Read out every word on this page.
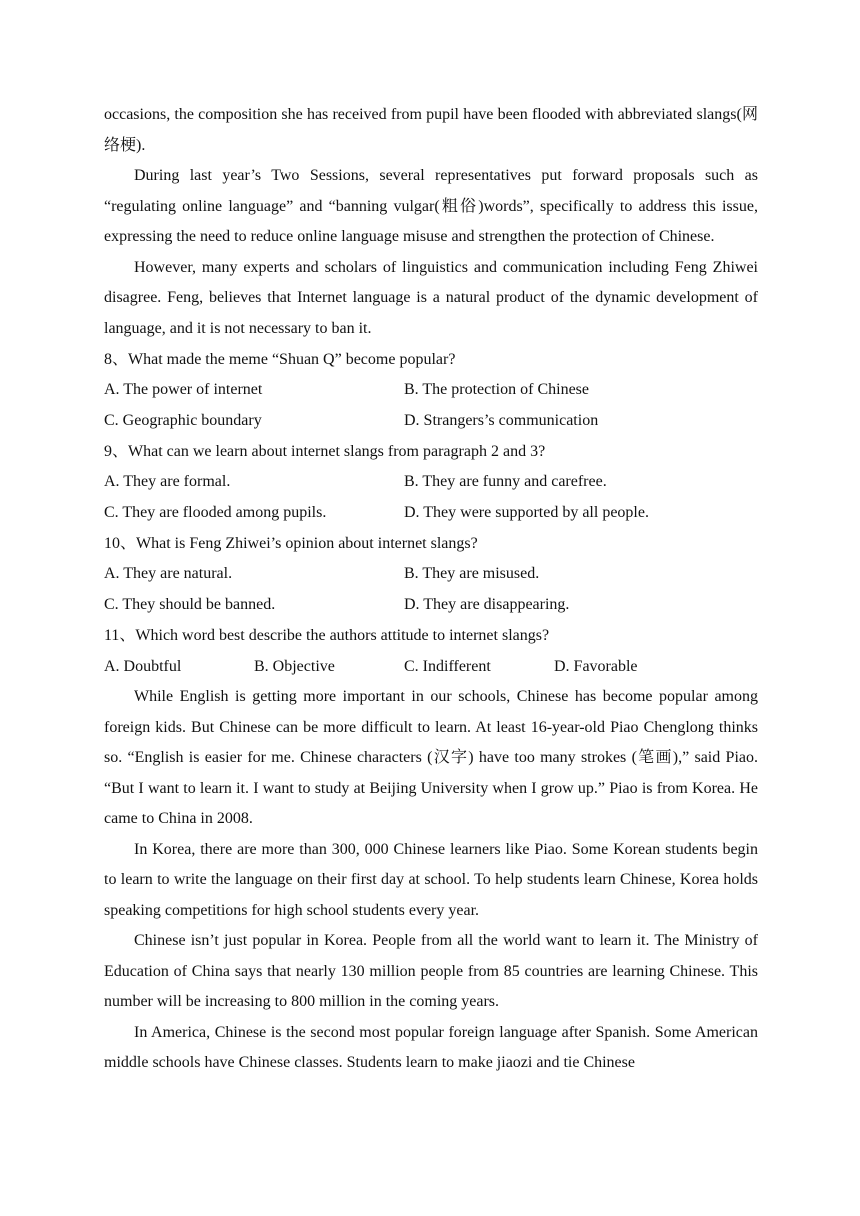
occasions, the composition she has received from pupil have been flooded with abbreviated slangs(网络梗).

During last year’s Two Sessions, several representatives put forward proposals such as “regulating online language” and “banning vulgar(粗俗)words”, specifically to address this issue, expressing the need to reduce online language misuse and strengthen the protection of Chinese.

However, many experts and scholars of linguistics and communication including Feng Zhiwei disagree. Feng, believes that Internet language is a natural product of the dynamic development of language, and it is not necessary to ban it.

8、What made the meme “Shuan Q” become popular?

A. The power of internet	B. The protection of Chinese
C. Geographic boundary	D. Strangers’s communication

9、What can we learn about internet slangs from paragraph 2 and 3?

A. They are formal.	B. They are funny and carefree.
C. They are flooded among pupils.	D. They were supported by all people.

10、What is Feng Zhiwei’s opinion about internet slangs?

A. They are natural.	B. They are misused.
C. They should be banned.	D. They are disappearing.

11、Which word best describe the authors attitude to internet slangs?

A. Doubtful	B. Objective	C. Indifferent	D. Favorable

While English is getting more important in our schools, Chinese has become popular among foreign kids. But Chinese can be more difficult to learn. At least 16-year-old Piao Chenglong thinks so. “English is easier for me. Chinese characters (汉字) have too many strokes (笔画),” said Piao. “But I want to learn it. I want to study at Beijing University when I grow up.” Piao is from Korea. He came to China in 2008.

In Korea, there are more than 300, 000 Chinese learners like Piao. Some Korean students begin to learn to write the language on their first day at school. To help students learn Chinese, Korea holds speaking competitions for high school students every year.

Chinese isn’t just popular in Korea. People from all the world want to learn it. The Ministry of Education of China says that nearly 130 million people from 85 countries are learning Chinese. This number will be increasing to 800 million in the coming years.

In America, Chinese is the second most popular foreign language after Spanish. Some American middle schools have Chinese classes. Students learn to make jiaozi and tie Chinese
